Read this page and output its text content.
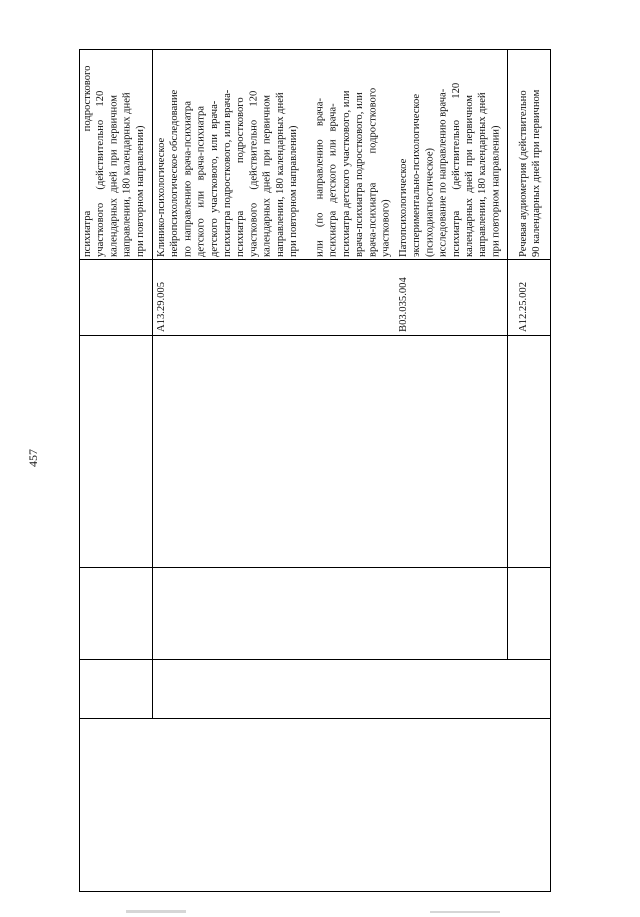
457
психиатра                              подросткового
участкового     (действительно     120
календарных  дней  при  первичном
направлении, 180 календарных дней
при повторном направлении)
A13.29.005
Клинико-психологическое
нейропсихологическое обследование
по  направлению  врача-психиатра
детского    или    врача-психиатра
детского  участкового,  или  врача-
психиатра подросткового, или врача-
психиатра                  подросткового
участкового     (действительно     120
календарных  дней  при  первичном
направлении, 180 календарных дней
при повторном направлении)

или     (по     направлению     врача-
психиатра   детского   или   врача-
психиатра детского участкового, или
врача-психиатра подросткового, или
врача-психиатра           подросткового
участкового)
B03.035.004
Патопсихологическое
экспериментально-психологическое
(психодиагностическое)
исследование по направлению врача-
психиатра        (действительно        120
календарных  дней  при  первичном
направлении, 180 календарных дней
при повторном направлении)
A12.25.002
Речевая аудиометрия (действительно
90 календарных дней при первичном
